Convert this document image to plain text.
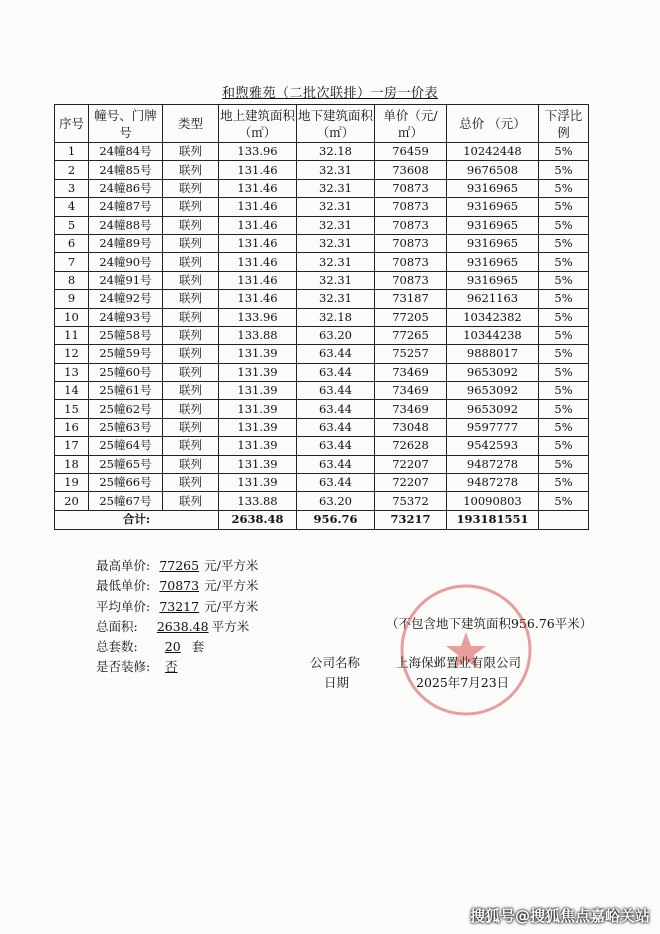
和煦雅苑（二批次联排）一房一价表
序号	幢号、门牌号	类型	地上建筑面积（㎡）	地下建筑面积（㎡）	单价（元/㎡）	总价 （元）	下浮比例
1	24幢84号	联列	133.96	32.18	76459	10242448	5%
2	24幢85号	联列	131.46	32.31	73608	9676508	5%
3	24幢86号	联列	131.46	32.31	70873	9316965	5%
4	24幢87号	联列	131.46	32.31	70873	9316965	5%
5	24幢88号	联列	131.46	32.31	70873	9316965	5%
6	24幢89号	联列	131.46	32.31	70873	9316965	5%
7	24幢90号	联列	131.46	32.31	70873	9316965	5%
8	24幢91号	联列	131.46	32.31	70873	9316965	5%
9	24幢92号	联列	131.46	32.31	73187	9621163	5%
10	24幢93号	联列	133.96	32.18	77205	10342382	5%
11	25幢58号	联列	133.88	63.20	77265	10344238	5%
12	25幢59号	联列	131.39	63.44	75257	9888017	5%
13	25幢60号	联列	131.39	63.44	73469	9653092	5%
14	25幢61号	联列	131.39	63.44	73469	9653092	5%
15	25幢62号	联列	131.39	63.44	73469	9653092	5%
16	25幢63号	联列	131.39	63.44	73048	9597777	5%
17	25幢64号	联列	131.39	63.44	72628	9542593	5%
18	25幢65号	联列	131.39	63.44	72207	9487278	5%
19	25幢66号	联列	131.39	63.44	72207	9487278	5%
20	25幢67号	联列	133.88	63.20	75372	10090803	5%
合计:			2638.48	956.76	73217	193181551	
最高单价: 77265 元/平方米
最低单价: 70873 元/平方米
平均单价: 73217 元/平方米
总面积: 2638.48 平方米
总套数: 20 套
是否装修: 否
（不包含地下建筑面积956.76平米）
公司名称	上海保邺置业有限公司
日期	2025年7月23日
搜狐号@搜狐焦点嘉峪关站
